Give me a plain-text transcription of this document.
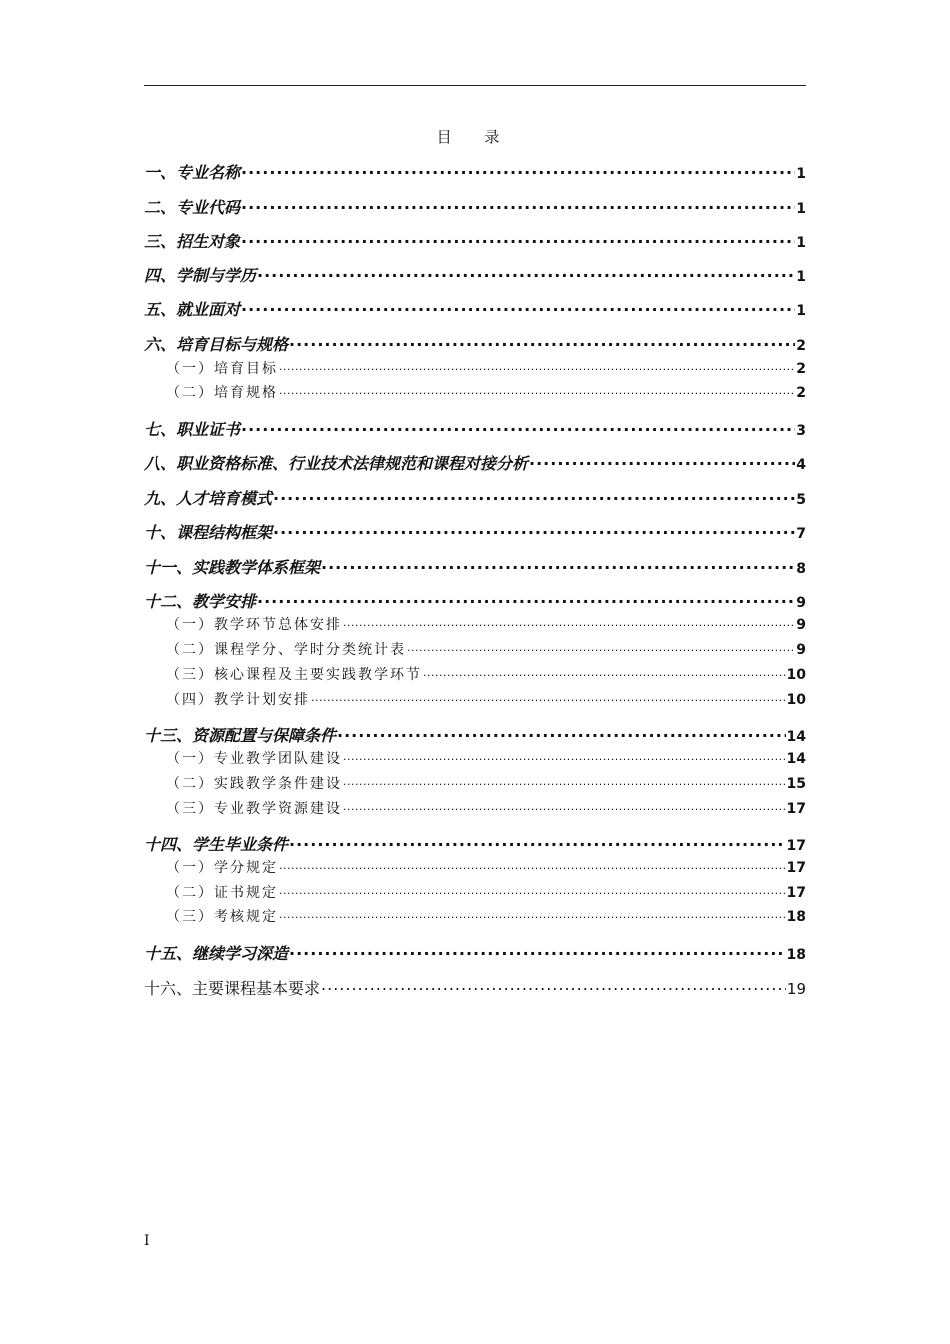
目 录
一、专业名称 .....	1
二、专业代码 .....	1
三、招生对象 .....	1
四、学制与学历 .....	1
五、就业面对 .....	1
六、培育目标与规格 .....	2
（一）培育目标 .....	2
（二）培育规格 .....	2
七、职业证书 .....	3
八、职业资格标准、行业技术法律规范和课程对接分析 .....	4
九、人才培育模式 .....	5
十、课程结构框架 .....	7
十一、实践教学体系框架 .....	8
十二、教学安排 .....	9
（一）教学环节总体安排 .....	9
（二）课程学分、学时分类统计表 .....	9
（三）核心课程及主要实践教学环节 .....	10
（四）教学计划安排 .....	10
十三、资源配置与保障条件 .....	14
（一）专业教学团队建设 .....	14
（二）实践教学条件建设 .....	15
（三）专业教学资源建设 .....	17
十四、学生毕业条件 .....	17
（一）学分规定 .....	17
（二）证书规定 .....	17
（三）考核规定 .....	18
十五、继续学习深造 .....	18
十六、主要课程基本要求 .....	19
I
